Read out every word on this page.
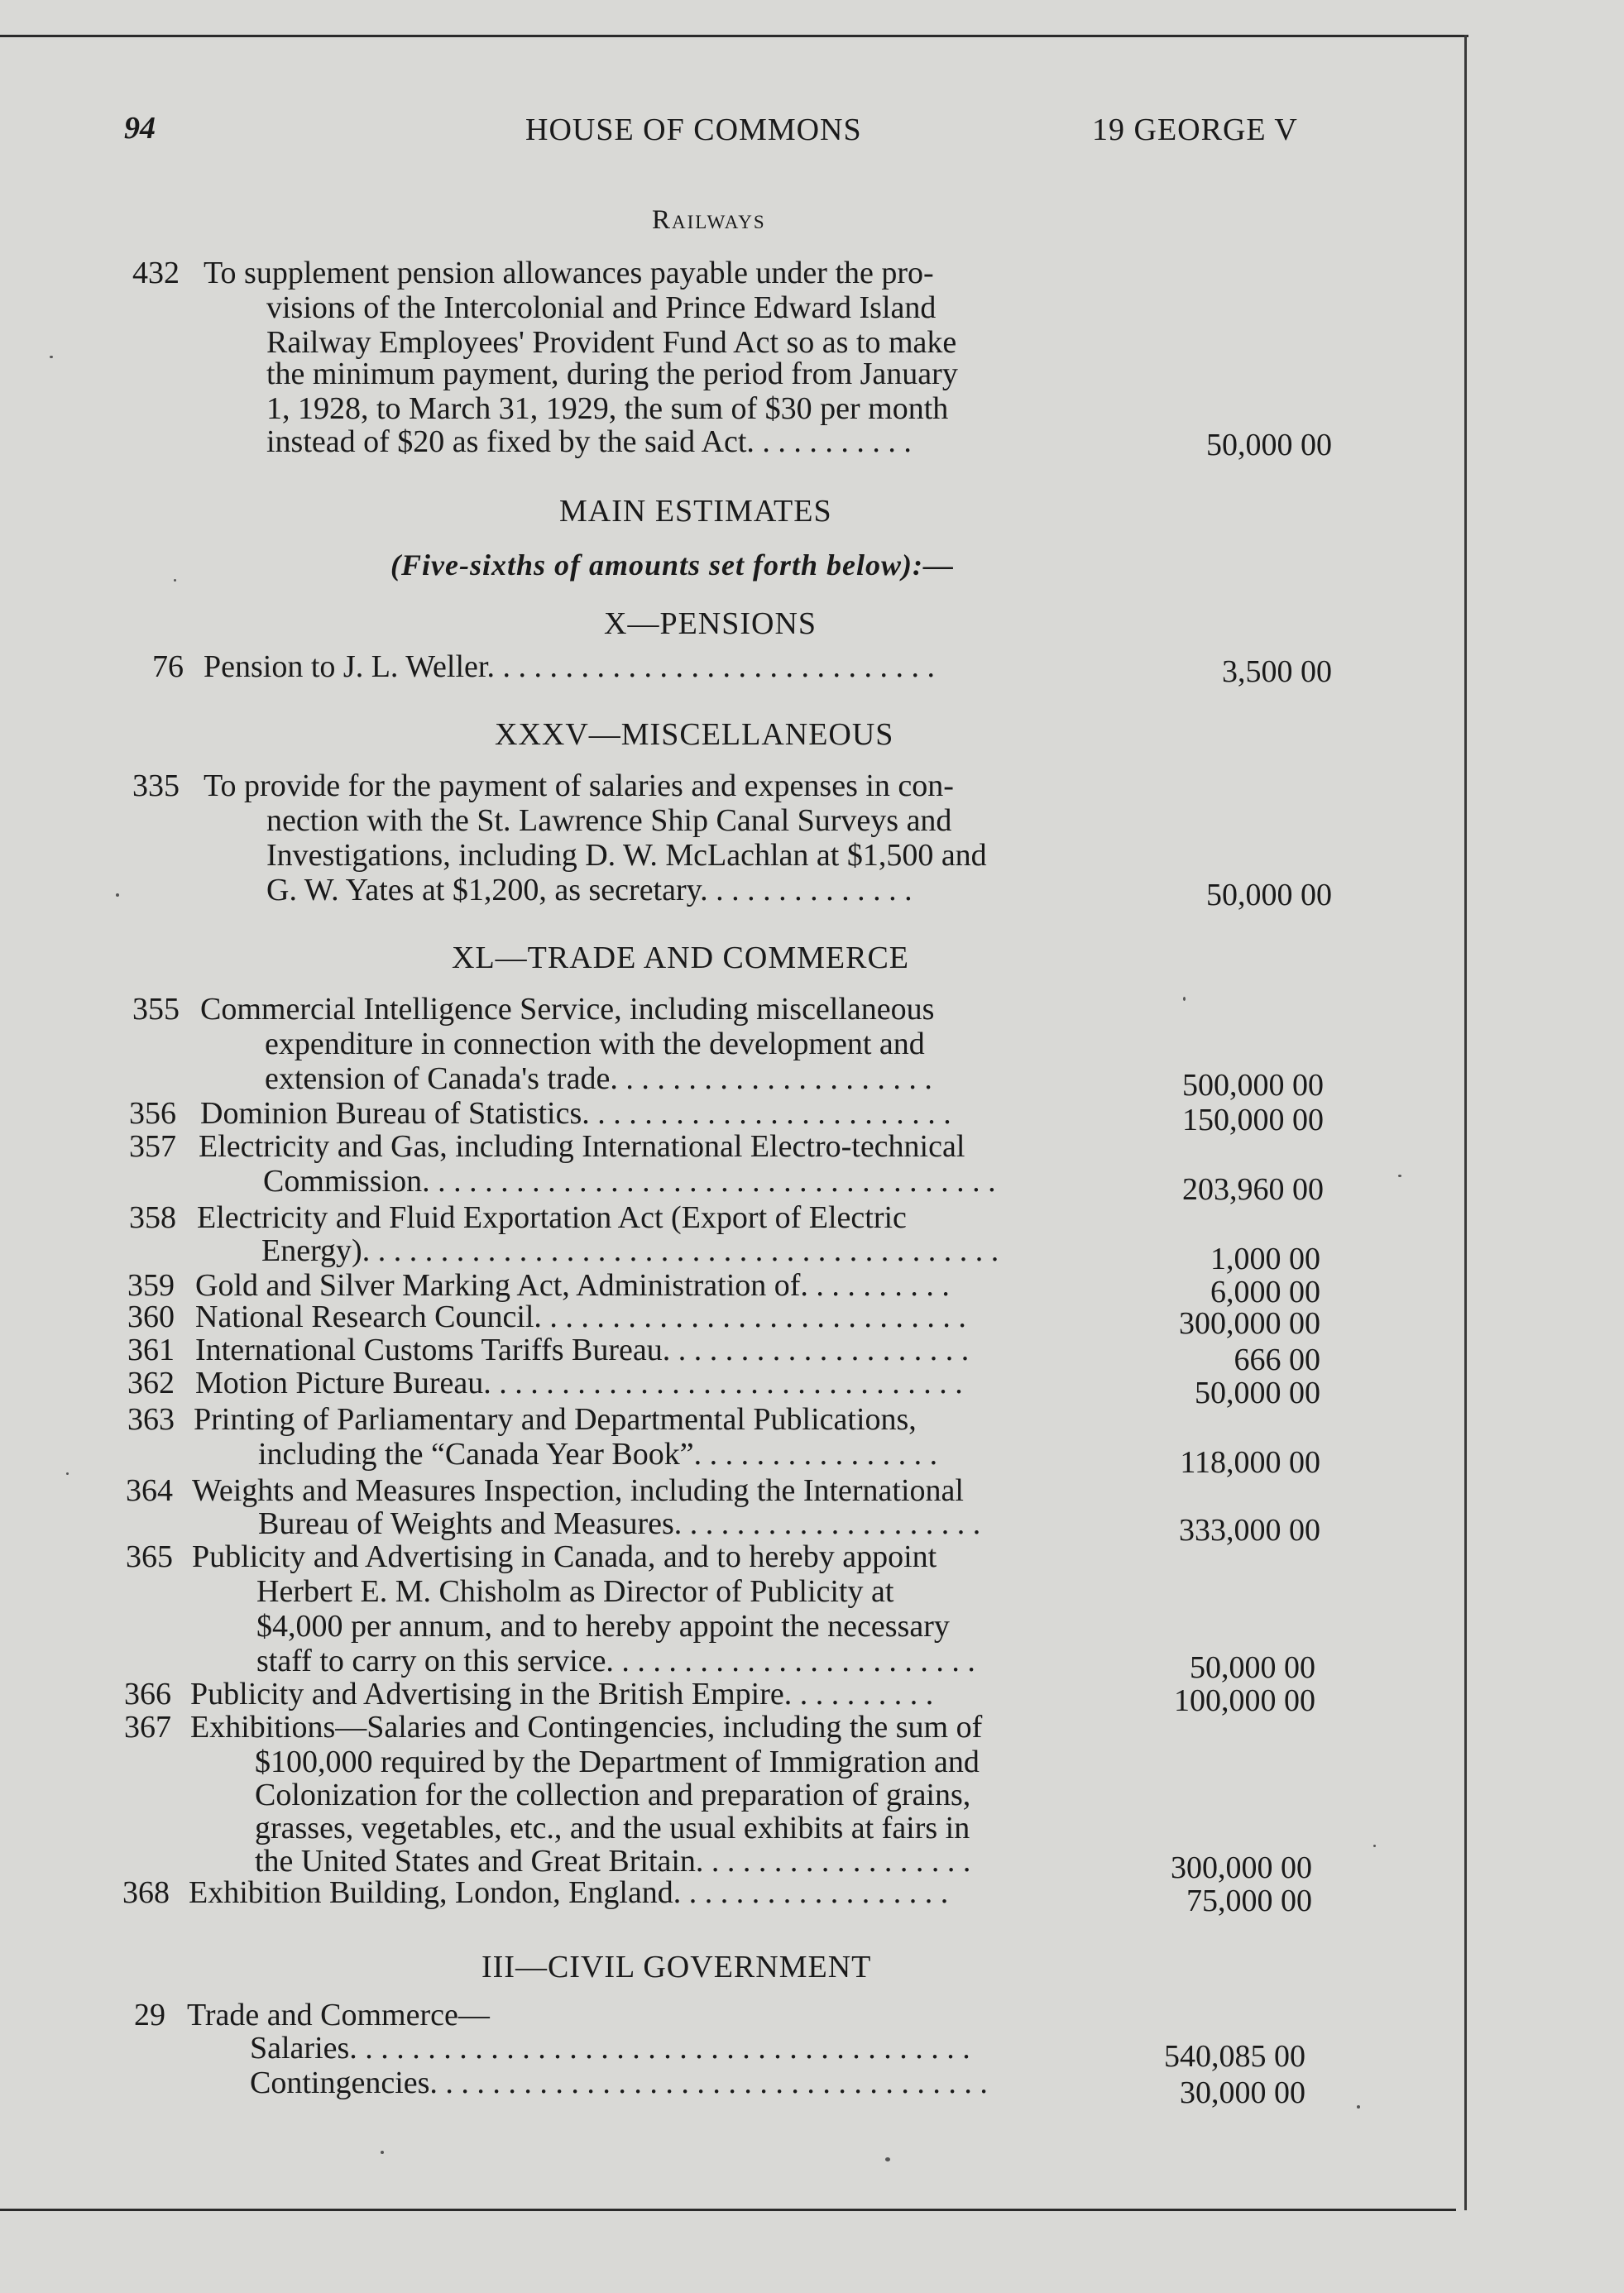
94	HOUSE OF COMMONS	19 GEORGE V
Railways
432 To supplement pension allowances payable under the pro-
visions of the Intercolonial and Prince Edward Island
Railway Employees' Provident Fund Act so as to make
the minimum payment, during the period from January
1, 1928, to March 31, 1929, the sum of $30 per month
instead of $20 as fixed by the said Act. . . . . . . . . . .	50,000 00
MAIN ESTIMATES
(Five-sixths of amounts set forth below):—
X—PENSIONS
76 Pension to J. L. Weller. . . . . . . . . . . . . . . . . . . . . . . . . . . . .	3,500 00
XXXV—MISCELLANEOUS
335 To provide for the payment of salaries and expenses in con-
nection with the St. Lawrence Ship Canal Surveys and
Investigations, including D. W. McLachlan at $1,500 and
G. W. Yates at $1,200, as secretary. . . . . . . . . . . . . .	50,000 00
XL—TRADE AND COMMERCE
355 Commercial Intelligence Service, including miscellaneous
expenditure in connection with the development and
extension of Canada's trade. . . . . . . . . . . . . . . . . . . . .	500,000 00
356 Dominion Bureau of Statistics. . . . . . . . . . . . . . . . . . . . . . . .	150,000 00
357 Electricity and Gas, including International Electro-technical
Commission. . . . . . . . . . . . . . . . . . . . . . . . . . . . . . . . . . . . .	203,960 00
358 Electricity and Fluid Exportation Act (Export of Electric
Energy). . . . . . . . . . . . . . . . . . . . . . . . . . . . . . . . . . . . . . . . .	1,000 00
359 Gold and Silver Marking Act, Administration of. . . . . . . . . .	6,000 00
360 National Research Council. . . . . . . . . . . . . . . . . . . . . . . . . . . .	300,000 00
361 International Customs Tariffs Bureau. . . . . . . . . . . . . . . . . . . .	666 00
362 Motion Picture Bureau. . . . . . . . . . . . . . . . . . . . . . . . . . . . . . .	50,000 00
363 Printing of Parliamentary and Departmental Publications,
including the “Canada Year Book”. . . . . . . . . . . . . . . .	118,000 00
364 Weights and Measures Inspection, including the International
Bureau of Weights and Measures. . . . . . . . . . . . . . . . . . . .	333,000 00
365 Publicity and Advertising in Canada, and to hereby appoint
Herbert E. M. Chisholm as Director of Publicity at
$4,000 per annum, and to hereby appoint the necessary
staff to carry on this service. . . . . . . . . . . . . . . . . . . . . . . .	50,000 00
366 Publicity and Advertising in the British Empire. . . . . . . . . .	100,000 00
367 Exhibitions—Salaries and Contingencies, including the sum of
$100,000 required by the Department of Immigration and
Colonization for the collection and preparation of grains,
grasses, vegetables, etc., and the usual exhibits at fairs in
the United States and Great Britain. . . . . . . . . . . . . . . . . .	300,000 00
368 Exhibition Building, London, England. . . . . . . . . . . . . . . . . .	75,000 00
III—CIVIL GOVERNMENT
29 Trade and Commerce—
Salaries. . . . . . . . . . . . . . . . . . . . . . . . . . . . . . . . . . . . . . . .	540,085 00
Contingencies. . . . . . . . . . . . . . . . . . . . . . . . . . . . . . . . . . . .	30,000 00
